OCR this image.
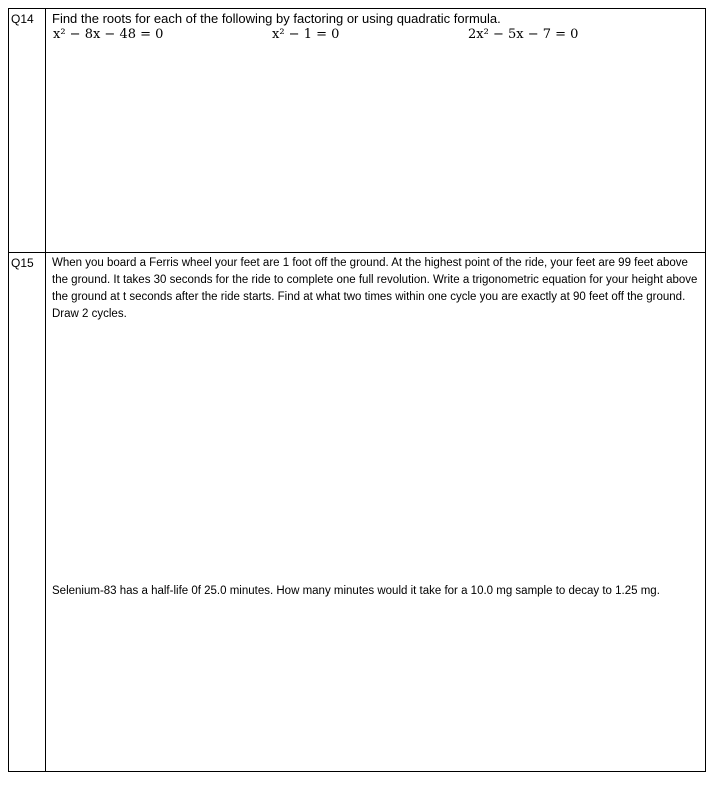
Q14 Find the roots for each of the following by factoring or using quadratic formula.
x² − 8x − 48 = 0	x² − 1 = 0	2x² − 5x − 7 = 0
Q15 When you board a Ferris wheel your feet are 1 foot off the ground. At the highest point of the ride, your feet are 99 feet above the ground. It takes 30 seconds for the ride to complete one full revolution. Write a trigonometric equation for your height above the ground at t seconds after the ride starts. Find at what two times within one cycle you are exactly at 90 feet off the ground. Draw 2 cycles.
Selenium-83 has a half-life 0f 25.0 minutes. How many minutes would it take for a 10.0 mg sample to decay to 1.25 mg.
